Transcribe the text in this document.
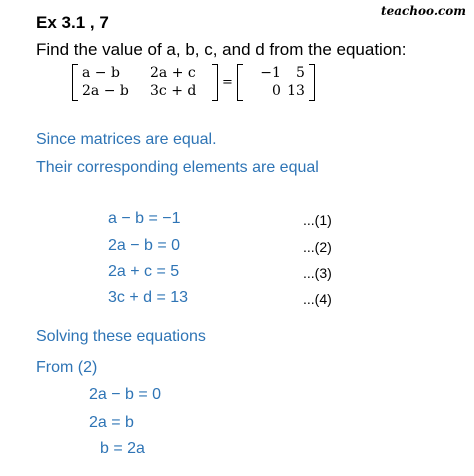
Ex 3.1 , 7
teachoo.com
Find the value of a, b, c, and d from the equation:
a − b	2a + c
2a − b	3c + d
=
−1	5
0 13
Since matrices are equal.
Their corresponding elements are equal
a − b = −1	...(1)
2a − b = 0	...(2)
2a + c = 5	...(3)
3c + d = 13	...(4)
Solving these equations
From (2)
2a − b = 0
2a = b
b = 2a
